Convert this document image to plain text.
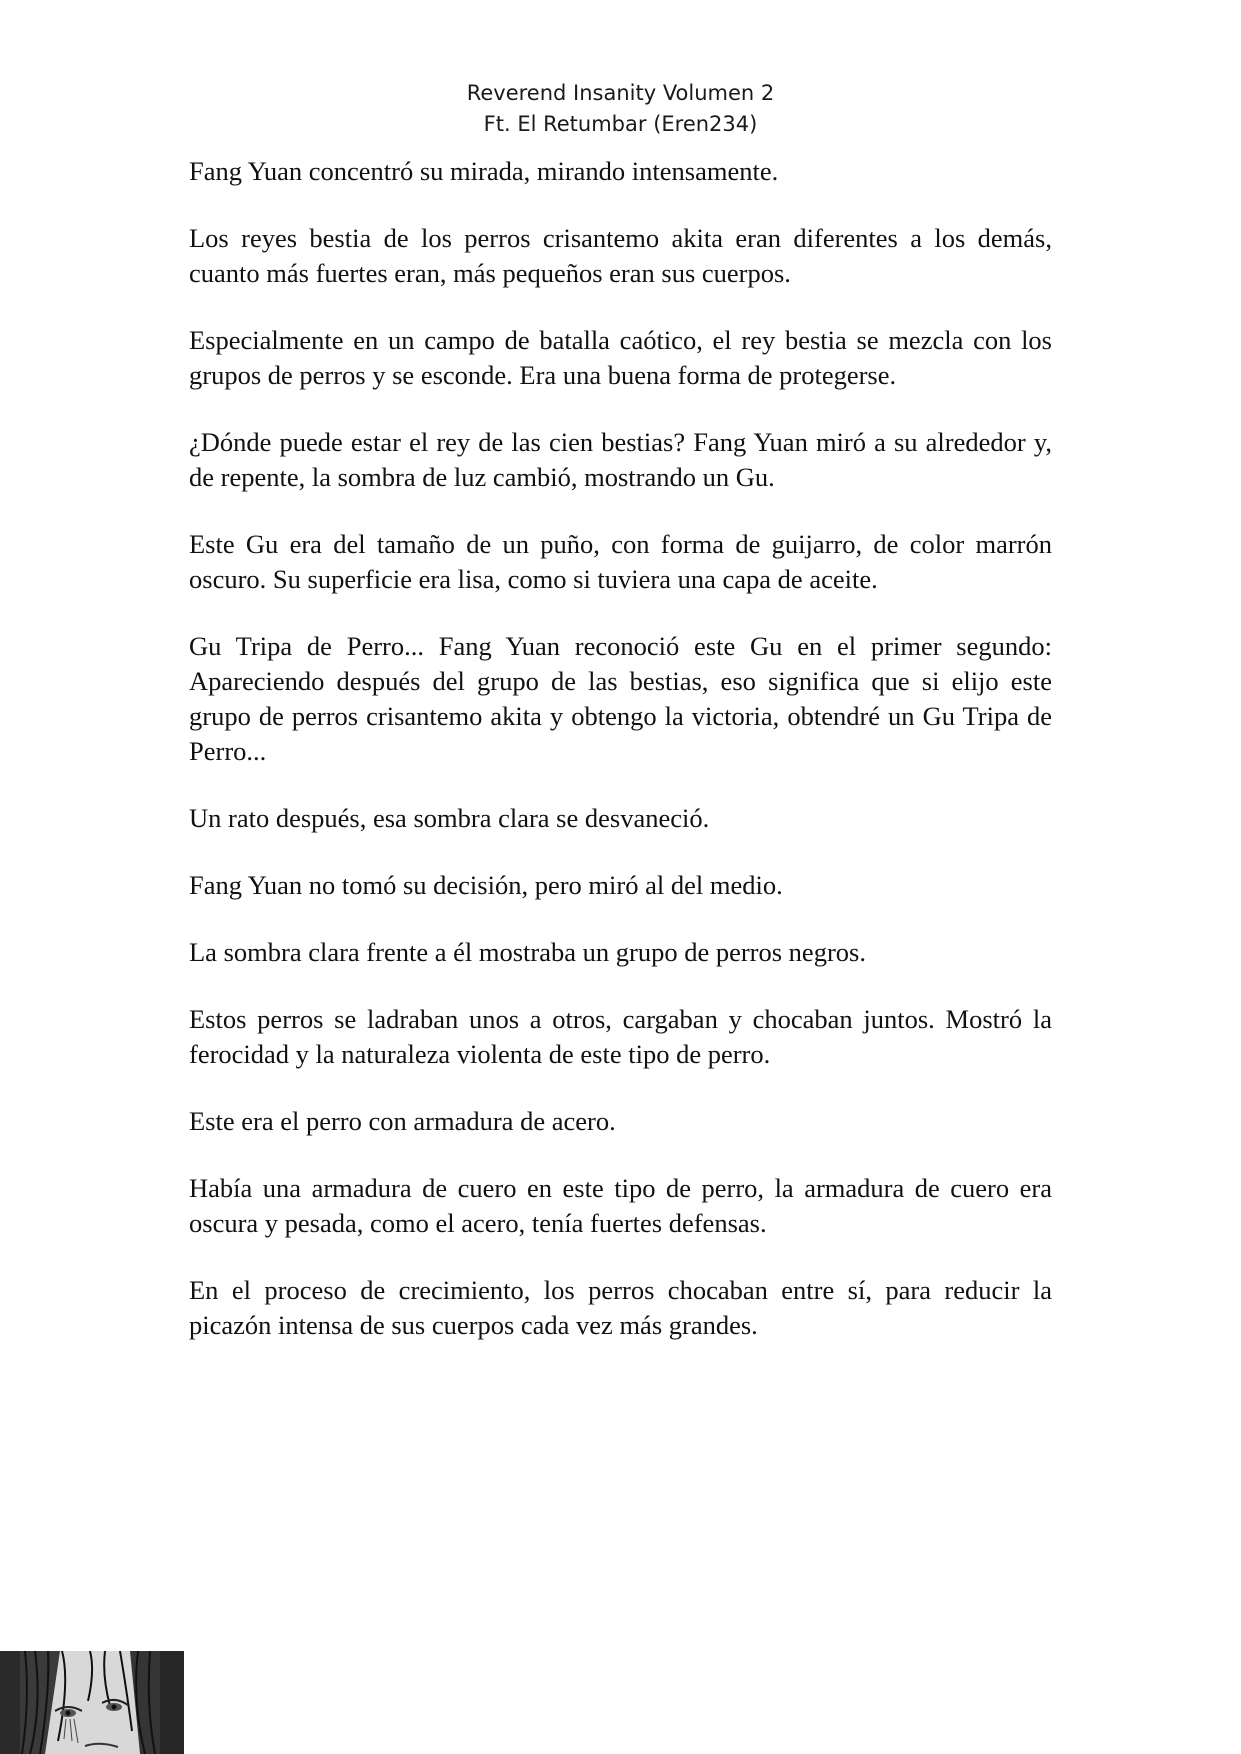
Reverend Insanity Volumen 2
Ft. El Retumbar (Eren234)

Fang Yuan concentró su mirada, mirando intensamente.

Los reyes bestia de los perros crisantemo akita eran diferentes a los demás, cuanto más fuertes eran, más pequeños eran sus cuerpos.

Especialmente en un campo de batalla caótico, el rey bestia se mezcla con los grupos de perros y se esconde. Era una buena forma de protegerse.

¿Dónde puede estar el rey de las cien bestias? Fang Yuan miró a su alrededor y, de repente, la sombra de luz cambió, mostrando un Gu.

Este Gu era del tamaño de un puño, con forma de guijarro, de color marrón oscuro. Su superficie era lisa, como si tuviera una capa de aceite.

Gu Tripa de Perro... Fang Yuan reconoció este Gu en el primer segundo: Apareciendo después del grupo de las bestias, eso significa que si elijo este grupo de perros crisantemo akita y obtengo la victoria, obtendré un Gu Tripa de Perro...

Un rato después, esa sombra clara se desvaneció.

Fang Yuan no tomó su decisión, pero miró al del medio.

La sombra clara frente a él mostraba un grupo de perros negros.

Estos perros se ladraban unos a otros, cargaban y chocaban juntos. Mostró la ferocidad y la naturaleza violenta de este tipo de perro.

Este era el perro con armadura de acero.

Había una armadura de cuero en este tipo de perro, la armadura de cuero era oscura y pesada, como el acero, tenía fuertes defensas.

En el proceso de crecimiento, los perros chocaban entre sí, para reducir la picazón intensa de sus cuerpos cada vez más grandes.
